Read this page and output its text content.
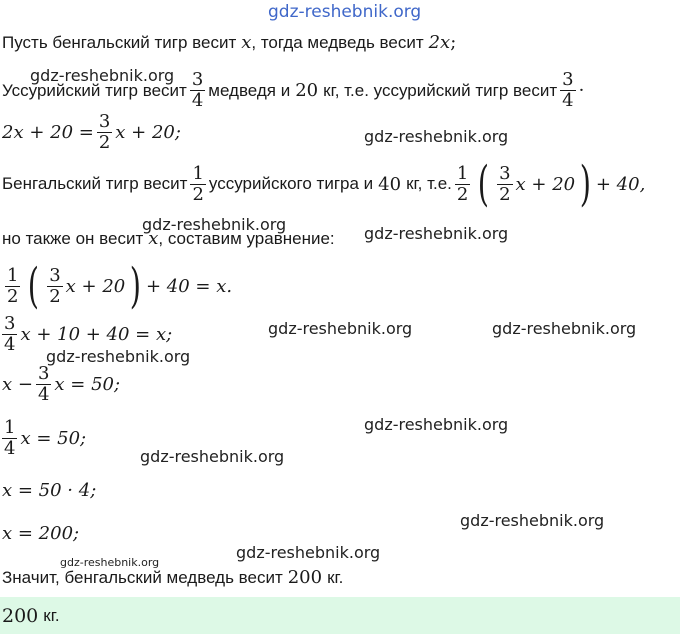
gdz-reshebnik.org
gdz-reshebnik.org
gdz-reshebnik.org
gdz-reshebnik.org	gdz-reshebnik.org
gdz-reshebnik.org	gdz-reshebnik.org
gdz-reshebnik.org
gdz-reshebnik.org
gdz-reshebnik.org
gdz-reshebnik.org
gdz-reshebnik.org
gdz-reshebnik.org
Пусть бенгальский тигр весит x , тогда медведь весит 2x ;
Уссурийский тигр весит $\frac{3}{4}$ медведя и 20 кг, т.е. уссурийский тигр весит $\frac{3}{4}$ ·
$2x + 20 = \frac{3}{2}$ x + 20;
Бенгальский тигр весит $\frac{1}{2}$ уссурийского тигра и 40 кг, т.е. $\frac{1}{2}$ ( $\frac{3}{2}$ x + 20 ) + 40,
но также он весит x , составим уравнение:
$\frac{1}{2}$ ( $\frac{3}{2}$ x + 20 ) + 40 = x.
$\frac{3}{4}$ x + 10 + 40 = x;
$x - \frac{3}{4}$ x = 50;
$\frac{1}{4}$ x = 50;
x = 50 · 4;
x = 200;
Значит, бенгальский медведь весит 200 кг.
200 кг.
